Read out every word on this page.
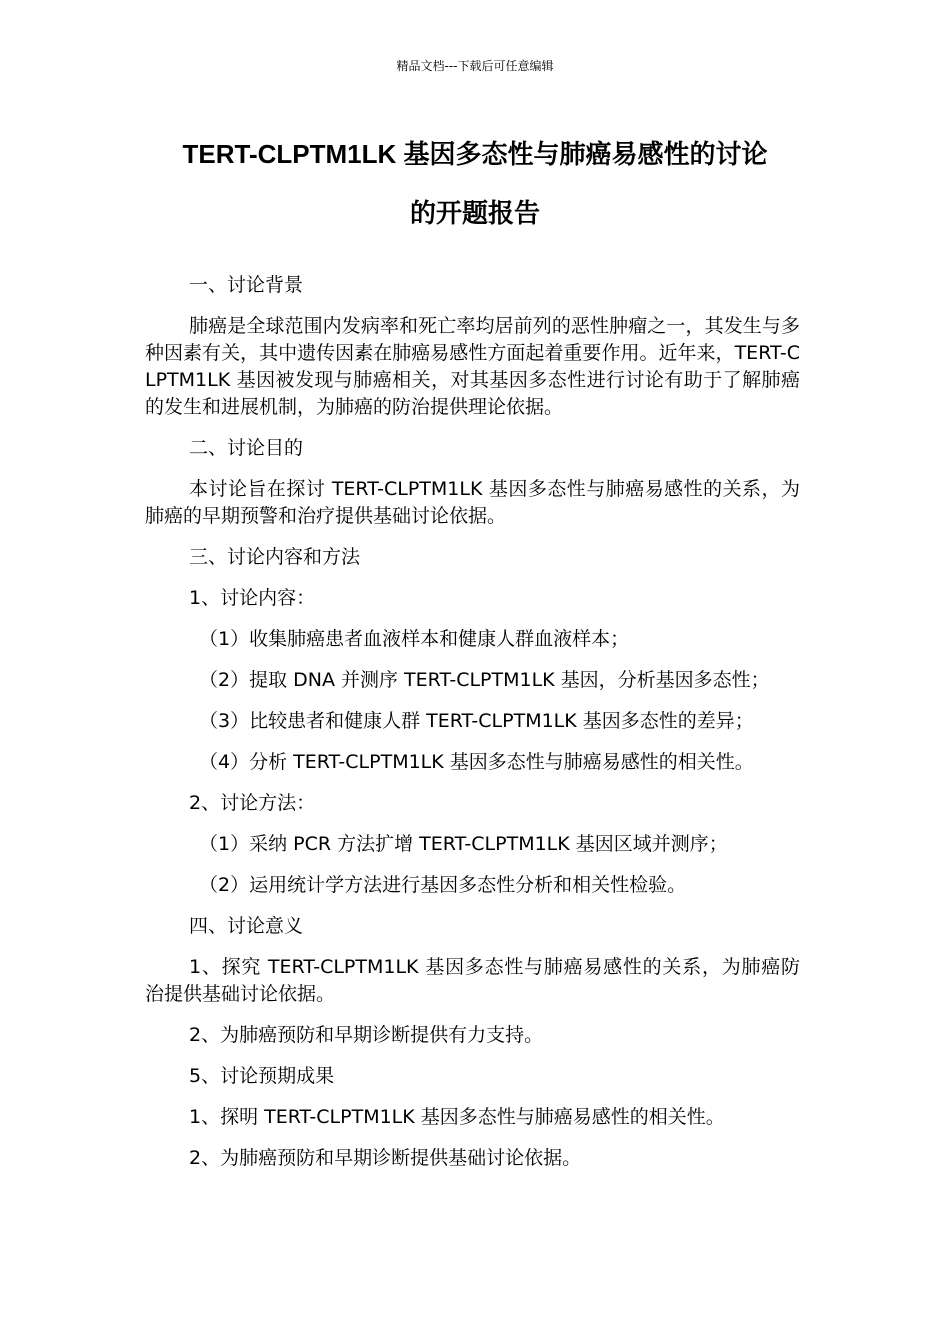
精品文档---下载后可任意编辑
TERT-CLPTM1LK 基因多态性与肺癌易感性的讨论
的开题报告

一、讨论背景

肺癌是全球范围内发病率和死亡率均居前列的恶性肿瘤之一，其发生与多种因素有关，其中遗传因素在肺癌易感性方面起着重要作用。近年来，TERT-CLPTM1LK 基因被发现与肺癌相关，对其基因多态性进行讨论有助于了解肺癌的发生和进展机制，为肺癌的防治提供理论依据。

二、讨论目的

本讨论旨在探讨 TERT-CLPTM1LK 基因多态性与肺癌易感性的关系，为肺癌的早期预警和治疗提供基础讨论依据。

三、讨论内容和方法

1、讨论内容：

（1）收集肺癌患者血液样本和健康人群血液样本；

（2）提取 DNA 并测序 TERT-CLPTM1LK 基因，分析基因多态性；

（3）比较患者和健康人群 TERT-CLPTM1LK 基因多态性的差异；

（4）分析 TERT-CLPTM1LK 基因多态性与肺癌易感性的相关性。

2、讨论方法：

（1）采纳 PCR 方法扩增 TERT-CLPTM1LK 基因区域并测序；

（2）运用统计学方法进行基因多态性分析和相关性检验。

四、讨论意义

1、探究 TERT-CLPTM1LK 基因多态性与肺癌易感性的关系，为肺癌防治提供基础讨论依据。

2、为肺癌预防和早期诊断提供有力支持。

5、讨论预期成果

1、探明 TERT-CLPTM1LK 基因多态性与肺癌易感性的相关性。

2、为肺癌预防和早期诊断提供基础讨论依据。
